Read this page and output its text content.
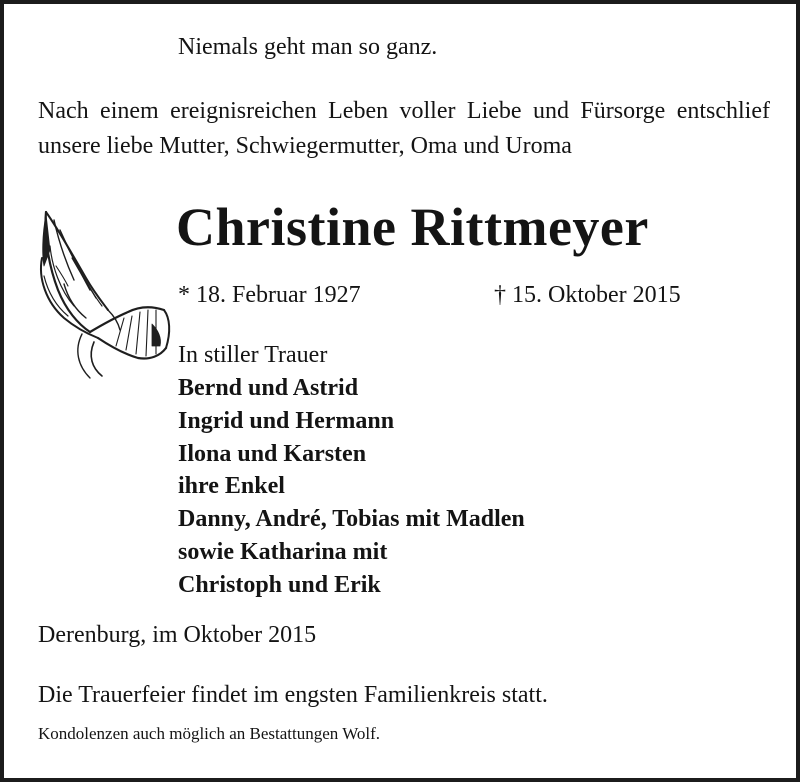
Niemals geht man so ganz.
Nach einem ereignisreichen Leben voller Liebe und Fürsorge entschlief unsere liebe Mutter, Schwiegermutter, Oma und Uroma
Christine Rittmeyer
* 18. Februar 1927	† 15. Oktober 2015
In stiller Trauer
Bernd und Astrid
Ingrid und Hermann
Ilona und Karsten
ihre Enkel
Danny, André, Tobias mit Madlen
sowie Katharina mit
Christoph und Erik
Derenburg, im Oktober 2015
Die Trauerfeier findet im engsten Familienkreis statt.
Kondolenzen auch möglich an Bestattungen Wolf.
